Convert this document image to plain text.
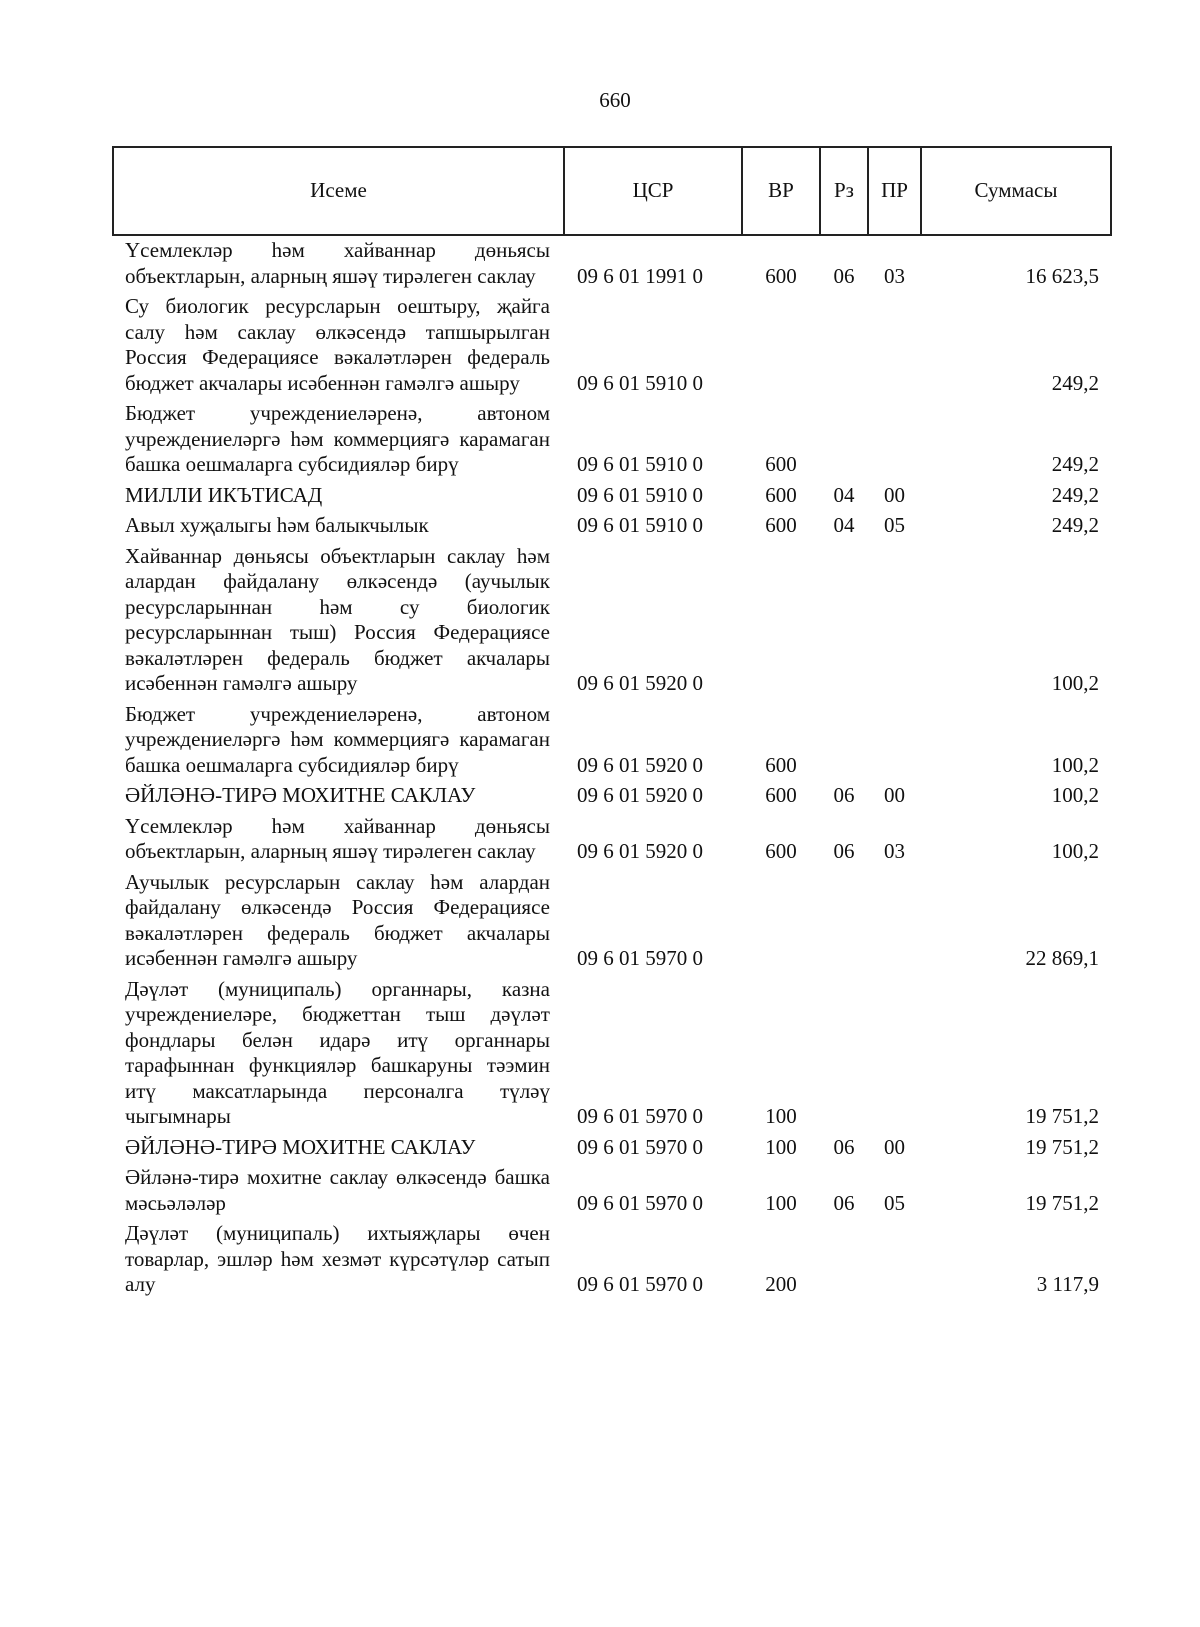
660
Исеме	ЦСР	ВР	Рз	ПР	Суммасы
Үсемлекләр һәм хайваннар дөньясы объектларын, аларның яшәү тирәлеген саклау	09 6 01 1991 0	600	06	03	16 623,5
Су биологик ресурсларын оештыру, җайга салу һәм саклау өлкәсендә тапшырылган Россия Федерациясе вәкаләтләрен федераль бюджет акчалары исәбеннән гамәлгә ашыру	09 6 01 5910 0				249,2
Бюджет учреждениеләренә, автоном учреждениеләргә һәм коммерциягә карамаган башка оешмаларга субсидияләр бирү	09 6 01 5910 0	600			249,2
МИЛЛИ ИКЪТИСАД	09 6 01 5910 0	600	04	00	249,2
Авыл хуҗалыгы һәм балыкчылык	09 6 01 5910 0	600	04	05	249,2
Хайваннар дөньясы объектларын саклау һәм алардан файдалану өлкәсендә (аучылык ресурсларыннан һәм су биологик ресурсларыннан тыш) Россия Федерациясе вәкаләтләрен федераль бюджет акчалары исәбеннән гамәлгә ашыру	09 6 01 5920 0				100,2
Бюджет учреждениеләренә, автоном учреждениеләргә һәм коммерциягә карамаган башка оешмаларга субсидияләр бирү	09 6 01 5920 0	600			100,2
ӘЙЛӘНӘ-ТИРӘ МОХИТНЕ САКЛАУ	09 6 01 5920 0	600	06	00	100,2
Үсемлекләр һәм хайваннар дөньясы объектларын, аларның яшәү тирәлеген саклау	09 6 01 5920 0	600	06	03	100,2
Аучылык ресурсларын саклау һәм алардан файдалану өлкәсендә Россия Федерациясе вәкаләтләрен федераль бюджет акчалары исәбеннән гамәлгә ашыру	09 6 01 5970 0				22 869,1
Дәүләт (муниципаль) органнары, казна учреждениеләре, бюджеттан тыш дәүләт фондлары белән идарә итү органнары тарафыннан функцияләр башкаруны тәэмин итү максатларында персоналга түләү чыгымнары	09 6 01 5970 0	100			19 751,2
ӘЙЛӘНӘ-ТИРӘ МОХИТНЕ САКЛАУ	09 6 01 5970 0	100	06	00	19 751,2
Әйләнә-тирә мохитне саклау өлкәсендә башка мәсьәләләр	09 6 01 5970 0	100	06	05	19 751,2
Дәүләт (муниципаль) ихтыяҗлары өчен товарлар, эшләр һәм хезмәт күрсәтүләр сатып алу	09 6 01 5970 0	200			3 117,9
